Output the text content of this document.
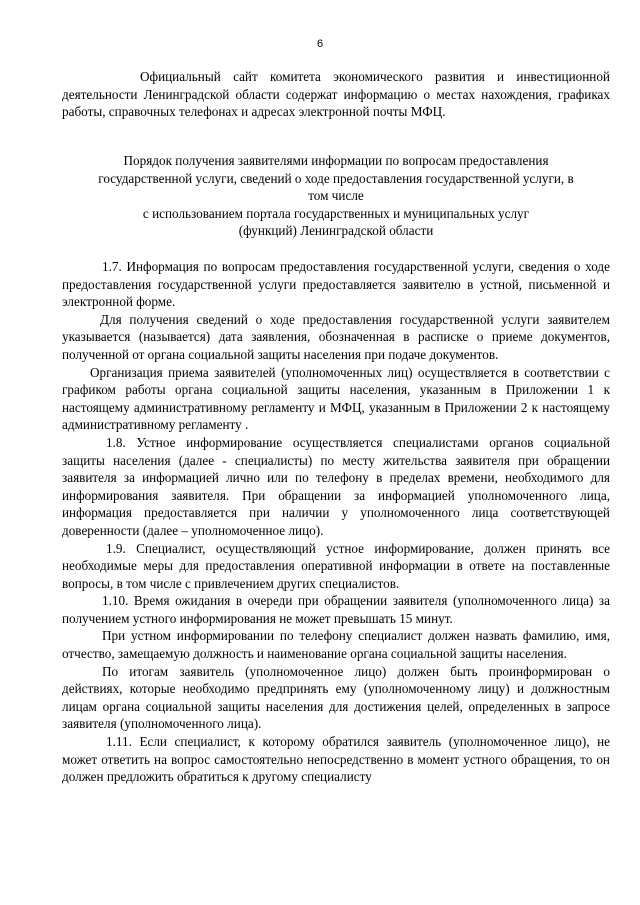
6

Официальный сайт комитета экономического развития и инвестиционной деятельности Ленинградской области содержат информацию о местах нахождения, графиках работы, справочных телефонах и адресах электронной почты МФЦ.

Порядок получения заявителями информации по вопросам предоставления
государственной услуги, сведений о ходе предоставления государственной услуги, в
том числе
с использованием портала государственных и муниципальных услуг
(функций) Ленинградской области

1.7. Информация по вопросам предоставления государственной услуги, сведения о ходе предоставления государственной услуги предоставляется заявителю в устной, письменной и электронной форме.

Для получения сведений о ходе предоставления государственной услуги заявителем указывается (называется) дата заявления, обозначенная в расписке о приеме документов, полученной от органа социальной защиты населения при подаче документов.

Организация приема заявителей (уполномоченных лиц) осуществляется в соответствии с графиком работы органа социальной защиты населения, указанным в Приложении 1 к настоящему административному регламенту и МФЦ, указанным в Приложении 2 к настоящему административному регламенту .

1.8. Устное информирование осуществляется специалистами органов социальной защиты населения (далее - специалисты) по месту жительства заявителя при обращении заявителя за информацией лично или по телефону в пределах времени, необходимого для информирования заявителя. При обращении за информацией уполномоченного лица, информация предоставляется при наличии у уполномоченного лица соответствующей доверенности (далее – уполномоченное лицо).

1.9. Специалист, осуществляющий устное информирование, должен принять все необходимые меры для предоставления оперативной информации в ответе на поставленные вопросы, в том числе с привлечением других специалистов.

1.10. Время ожидания в очереди при обращении заявителя (уполномоченного лица) за получением устного информирования не может превышать 15 минут.

При устном информировании по телефону специалист должен назвать фамилию, имя, отчество, замещаемую должность и наименование органа социальной защиты населения.

По итогам заявитель (уполномоченное лицо) должен быть проинформирован о действиях, которые необходимо предпринять ему (уполномоченному лицу) и должностным лицам органа социальной защиты населения для достижения целей, определенных в запросе заявителя (уполномоченного лица).

1.11. Если специалист, к которому обратился заявитель (уполномоченное лицо), не может ответить на вопрос самостоятельно непосредственно в момент устного обращения, то он должен предложить обратиться к другому специалисту
